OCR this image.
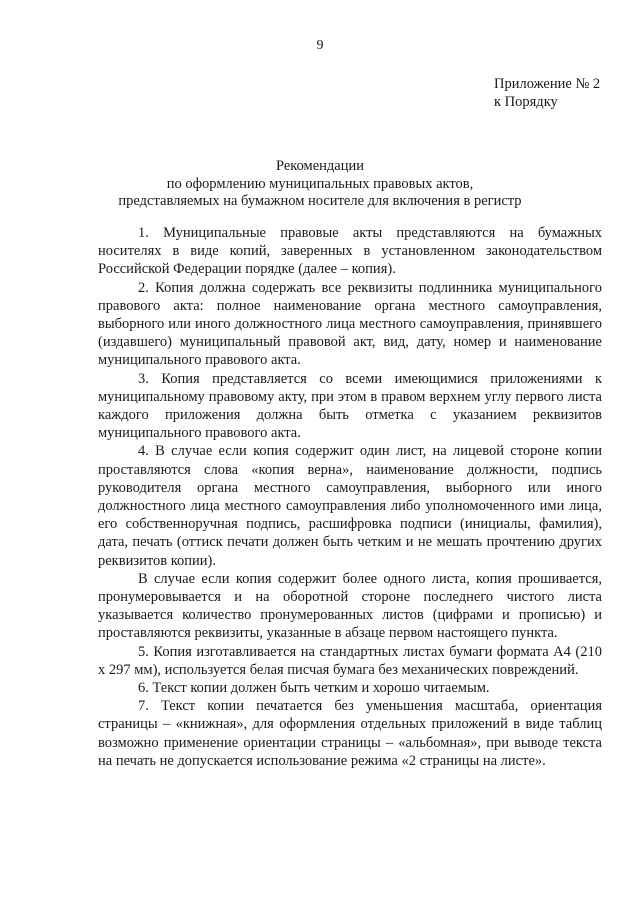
9
Приложение № 2
к Порядку
Рекомендации
по оформлению муниципальных правовых актов,
представляемых на бумажном носителе для включения в регистр

1. Муниципальные правовые акты представляются на бумажных носителях в виде копий, заверенных в установленном законодательством Российской Федерации порядке (далее – копия).

2. Копия должна содержать все реквизиты подлинника муниципального правового акта: полное наименование органа местного самоуправления, выборного или иного должностного лица местного самоуправления, принявшего (издавшего) муниципальный правовой акт, вид, дату, номер и наименование муниципального правового акта.

3. Копия представляется со всеми имеющимися приложениями к муниципальному правовому акту, при этом в правом верхнем углу первого листа каждого приложения должна быть отметка с указанием реквизитов муниципального правового акта.

4. В случае если копия содержит один лист, на лицевой стороне копии проставляются слова «копия верна», наименование должности, подпись руководителя органа местного самоуправления, выборного или иного должностного лица местного самоуправления либо уполномоченного ими лица, его собственноручная подпись, расшифровка подписи (инициалы, фамилия), дата, печать (оттиск печати должен быть четким и не мешать прочтению других реквизитов копии).

В случае если копия содержит более одного листа, копия прошивается, пронумеровывается и на оборотной стороне последнего чистого листа указывается количество пронумерованных листов (цифрами и прописью) и проставляются реквизиты, указанные в абзаце первом настоящего пункта.

5. Копия изготавливается на стандартных листах бумаги формата А4 (210 х 297 мм), используется белая писчая бумага без механических повреждений.

6. Текст копии должен быть четким и хорошо читаемым.

7. Текст копии печатается без уменьшения масштаба, ориентация страницы – «книжная», для оформления отдельных приложений в виде таблиц возможно применение ориентации страницы – «альбомная», при выводе текста на печать не допускается использование режима «2 страницы на листе».
